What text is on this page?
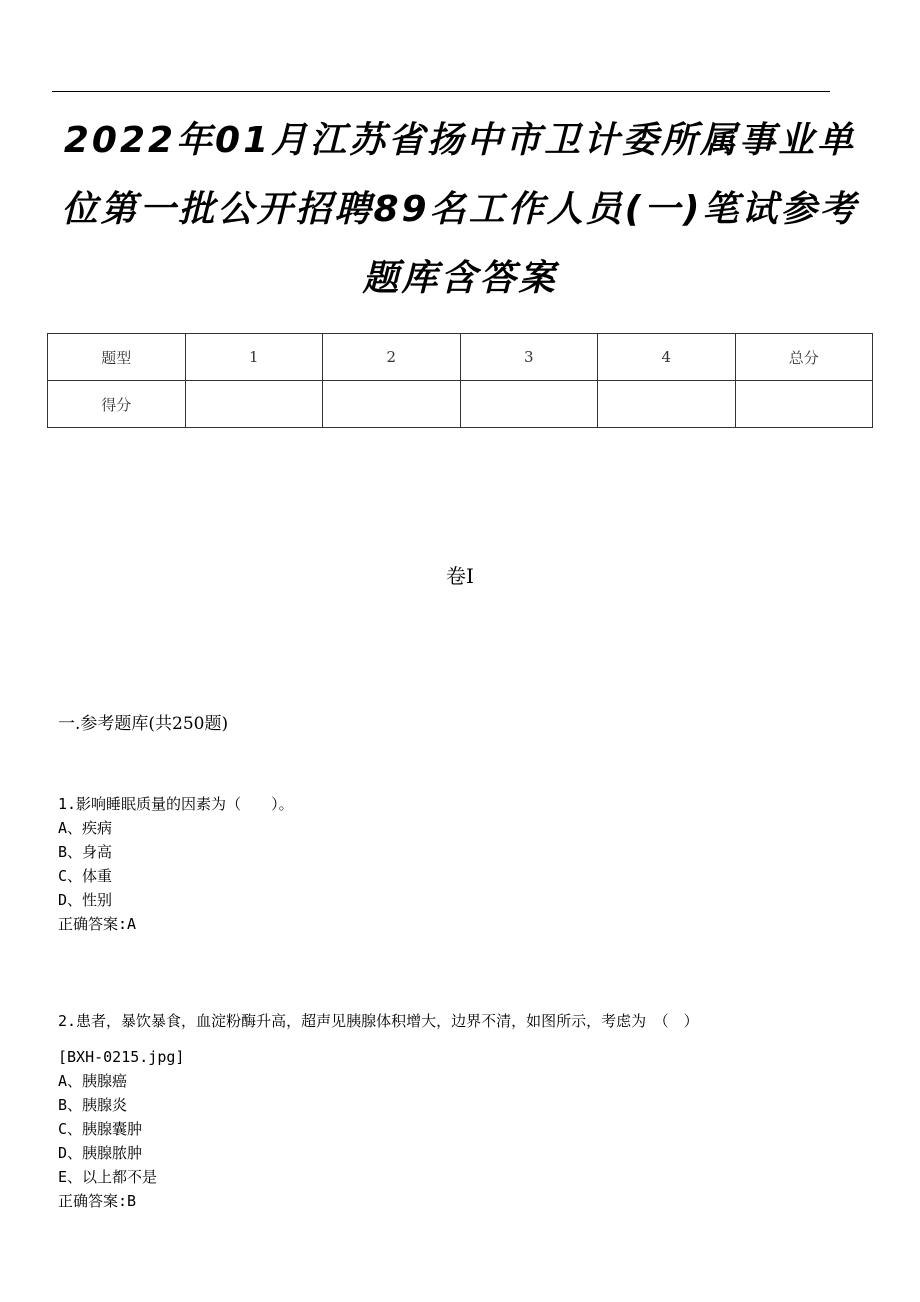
2022年01月江苏省扬中市卫计委所属事业单位第一批公开招聘89名工作人员(一)笔试参考题库含答案
题型	1	2	3	4	总分
得分					
卷I
一.参考题库(共250题)
1.影响睡眠质量的因素为（　　）。
A、疾病
B、身高
C、体重
D、性别
正确答案:A
2.患者，暴饮暴食，血淀粉酶升高，超声见胰腺体积增大，边界不清，如图所示，考虑为　（　）
[BXH-0215.jpg]
A、胰腺癌
B、胰腺炎
C、胰腺囊肿
D、胰腺脓肿
E、以上都不是
正确答案:B
